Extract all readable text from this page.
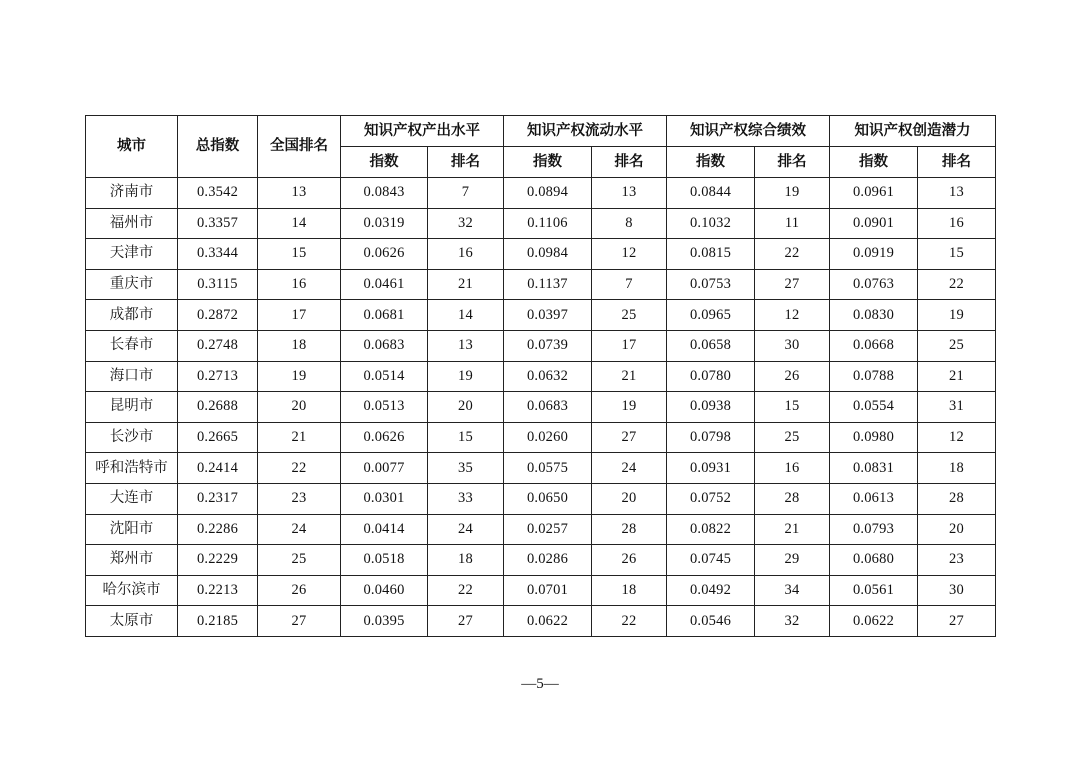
城市	总指数	全国排名	知识产权产出水平		知识产权流动水平		知识产权综合绩效		知识产权创造潜力	
			指数	排名	指数	排名	指数	排名	指数	排名
济南市	0.3542	13	0.0843	7	0.0894	13	0.0844	19	0.0961	13
福州市	0.3357	14	0.0319	32	0.1106	8	0.1032	11	0.0901	16
天津市	0.3344	15	0.0626	16	0.0984	12	0.0815	22	0.0919	15
重庆市	0.3115	16	0.0461	21	0.1137	7	0.0753	27	0.0763	22
成都市	0.2872	17	0.0681	14	0.0397	25	0.0965	12	0.0830	19
长春市	0.2748	18	0.0683	13	0.0739	17	0.0658	30	0.0668	25
海口市	0.2713	19	0.0514	19	0.0632	21	0.0780	26	0.0788	21
昆明市	0.2688	20	0.0513	20	0.0683	19	0.0938	15	0.0554	31
长沙市	0.2665	21	0.0626	15	0.0260	27	0.0798	25	0.0980	12
呼和浩特市	0.2414	22	0.0077	35	0.0575	24	0.0931	16	0.0831	18
大连市	0.2317	23	0.0301	33	0.0650	20	0.0752	28	0.0613	28
沈阳市	0.2286	24	0.0414	24	0.0257	28	0.0822	21	0.0793	20
郑州市	0.2229	25	0.0518	18	0.0286	26	0.0745	29	0.0680	23
哈尔滨市	0.2213	26	0.0460	22	0.0701	18	0.0492	34	0.0561	30
太原市	0.2185	27	0.0395	27	0.0622	22	0.0546	32	0.0622	27
—5—
